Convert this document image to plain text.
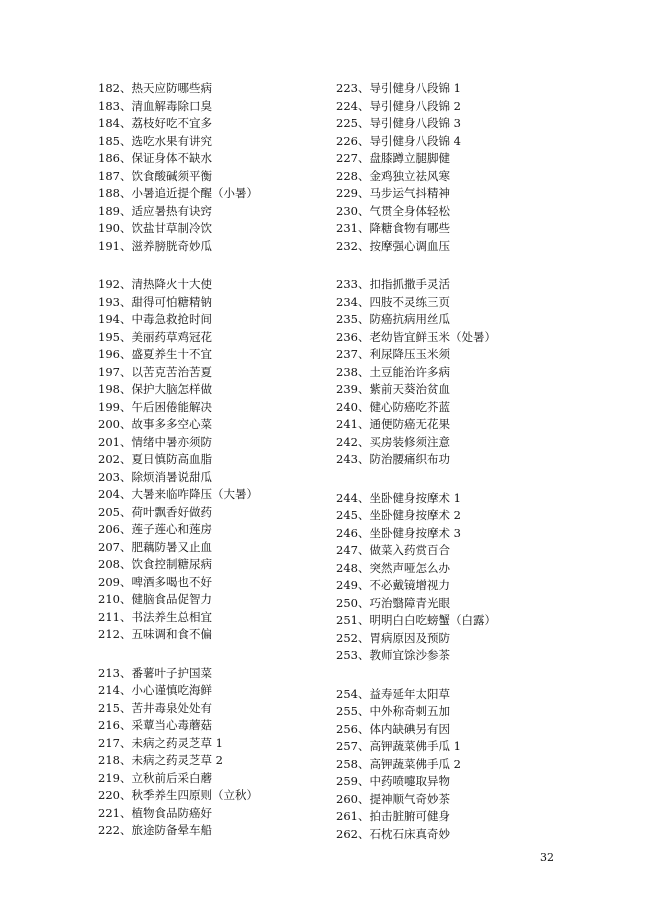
182、热天应防哪些病
183、清血解毒除口臭
184、荔枝好吃不宜多
185、选吃水果有讲究
186、保证身体不缺水
187、饮食酸碱须平衡
188、小暑追近提个醒（小暑）
189、适应暑热有诀窍
190、饮盐甘草制冷饮
191、滋养膀胱奇妙瓜
192、清热降火十大使
193、甜得可怕糖精钠
194、中毒急救抢时间
195、美丽药草鸡冠花
196、盛夏养生十不宜
197、以苦克苦治苦夏
198、保护大脑怎样做
199、午后困倦能解决
200、故事多多空心菜
201、情绪中暑亦须防
202、夏日慎防高血脂
203、除烦消暑说甜瓜
204、大暑来临咋降压（大暑）
205、荷叶飘香好做药
206、莲子莲心和莲房
207、肥藕防暑又止血
208、饮食控制糖尿病
209、啤酒多喝也不好
210、健脑食品促智力
211、书法养生总相宜
212、五味调和食不偏
213、番薯叶子护国菜
214、小心谨慎吃海鲜
215、苦井毒泉处处有
216、采蕈当心毒蘑菇
217、未病之药灵芝草 1
218、未病之药灵芝草 2
219、立秋前后采白蘑
220、秋季养生四原则（立秋）
221、植物食品防癌好
222、旅途防备晕车船
223、导引健身八段锦 1
224、导引健身八段锦 2
225、导引健身八段锦 3
226、导引健身八段锦 4
227、盘膝蹲立腿脚健
228、金鸡独立祛风寒
229、马步运气抖精神
230、气贯全身体轻松
231、降糖食物有哪些
232、按摩强心调血压
233、扣指抓撒手灵活
234、四肢不灵练三页
235、防癌抗病用丝瓜
236、老幼皆宜鲜玉米（处暑）
237、利尿降压玉米须
238、土豆能治许多病
239、紫前天葵治贫血
240、健心防癌吃芥蓝
241、通便防癌无花果
242、买房装修须注意
243、防治腰痛织布功
244、坐卧健身按摩术 1
245、坐卧健身按摩术 2
246、坐卧健身按摩术 3
247、做菜入药赏百合
248、突然声哑怎么办
249、不必戴镜增视力
250、巧治翳障青光眼
251、明明白白吃螃蟹（白露）
252、胃病原因及预防
253、教师宜馀沙参茶
254、益寿延年太阳草
255、中外称奇刺五加
256、体内缺碘另有因
257、高钾蔬菜佛手瓜 1
258、高钾蔬菜佛手瓜 2
259、中药喷嚏取异物
260、提神顺气奇妙茶
261、拍击脏腑可健身
262、石枕石床真奇妙
32
